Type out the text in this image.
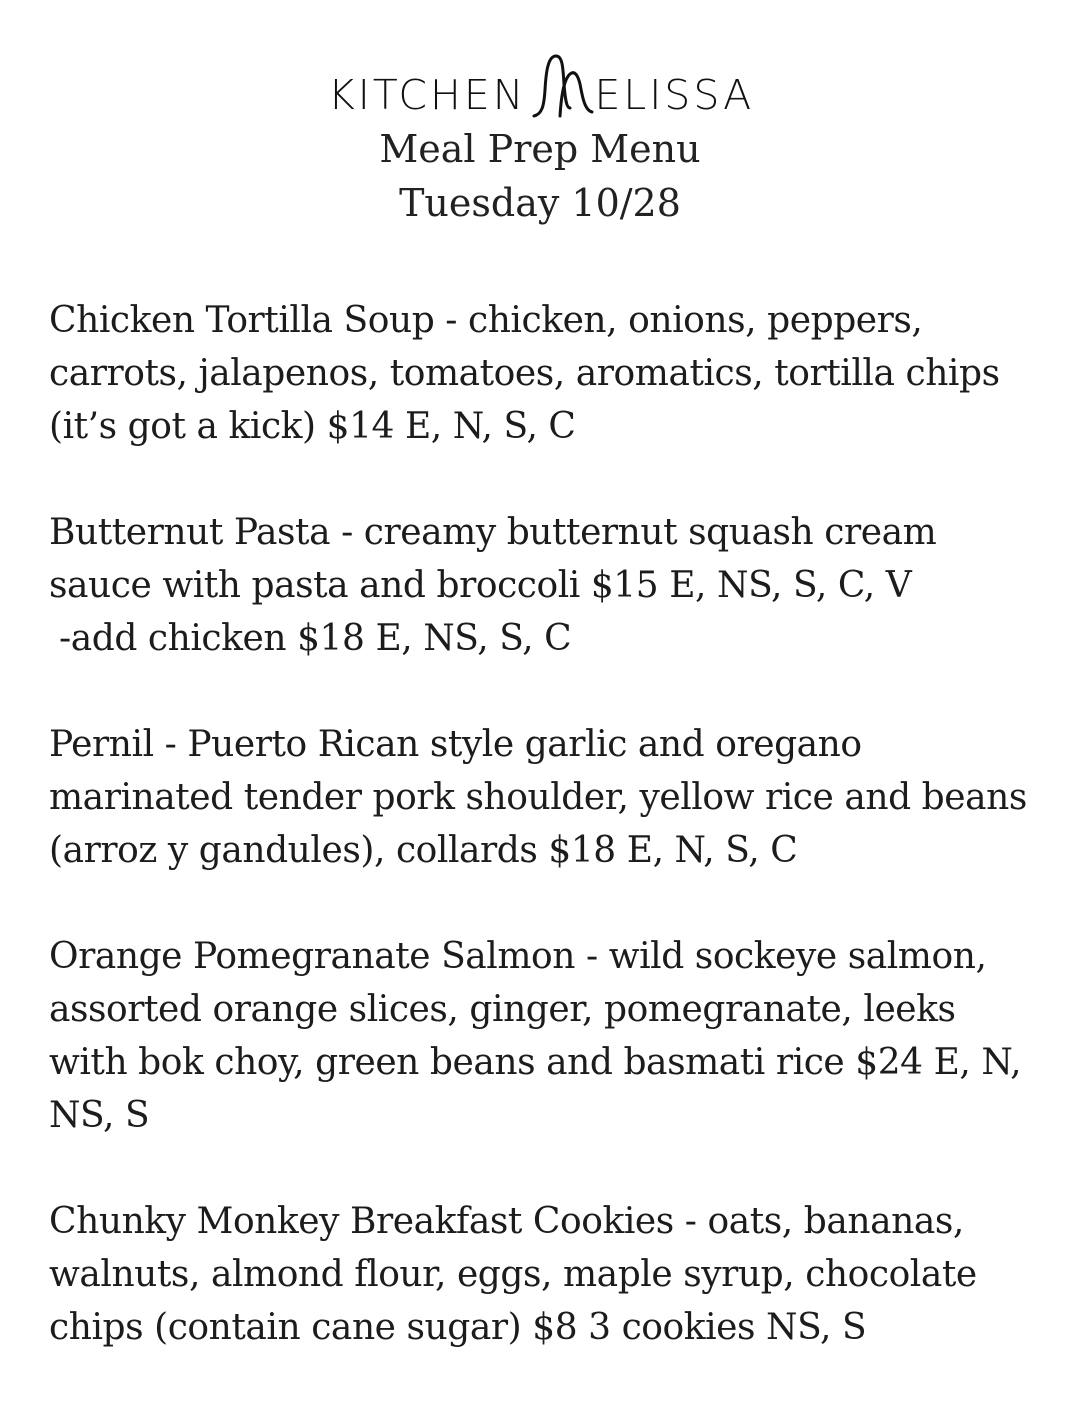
KITCHEN ELISSA
Meal Prep Menu
Tuesday 10/28

Chicken Tortilla Soup - chicken, onions, peppers, carrots, jalapenos, tomatoes, aromatics, tortilla chips (it’s got a kick) $14 E, N, S, C

Butternut Pasta - creamy butternut squash cream sauce with pasta and broccoli $15 E, NS, S, C, V

-add chicken $18 E, NS, S, C

Pernil - Puerto Rican style garlic and oregano marinated tender pork shoulder, yellow rice and beans (arroz y gandules), collards $18 E, N, S, C

Orange Pomegranate Salmon - wild sockeye salmon, assorted orange slices, ginger, pomegranate, leeks with bok choy, green beans and basmati rice $24 E, N, NS, S

Chunky Monkey Breakfast Cookies - oats, bananas, walnuts, almond flour, eggs, maple syrup, chocolate chips (contain cane sugar) $8 3 cookies NS, S
